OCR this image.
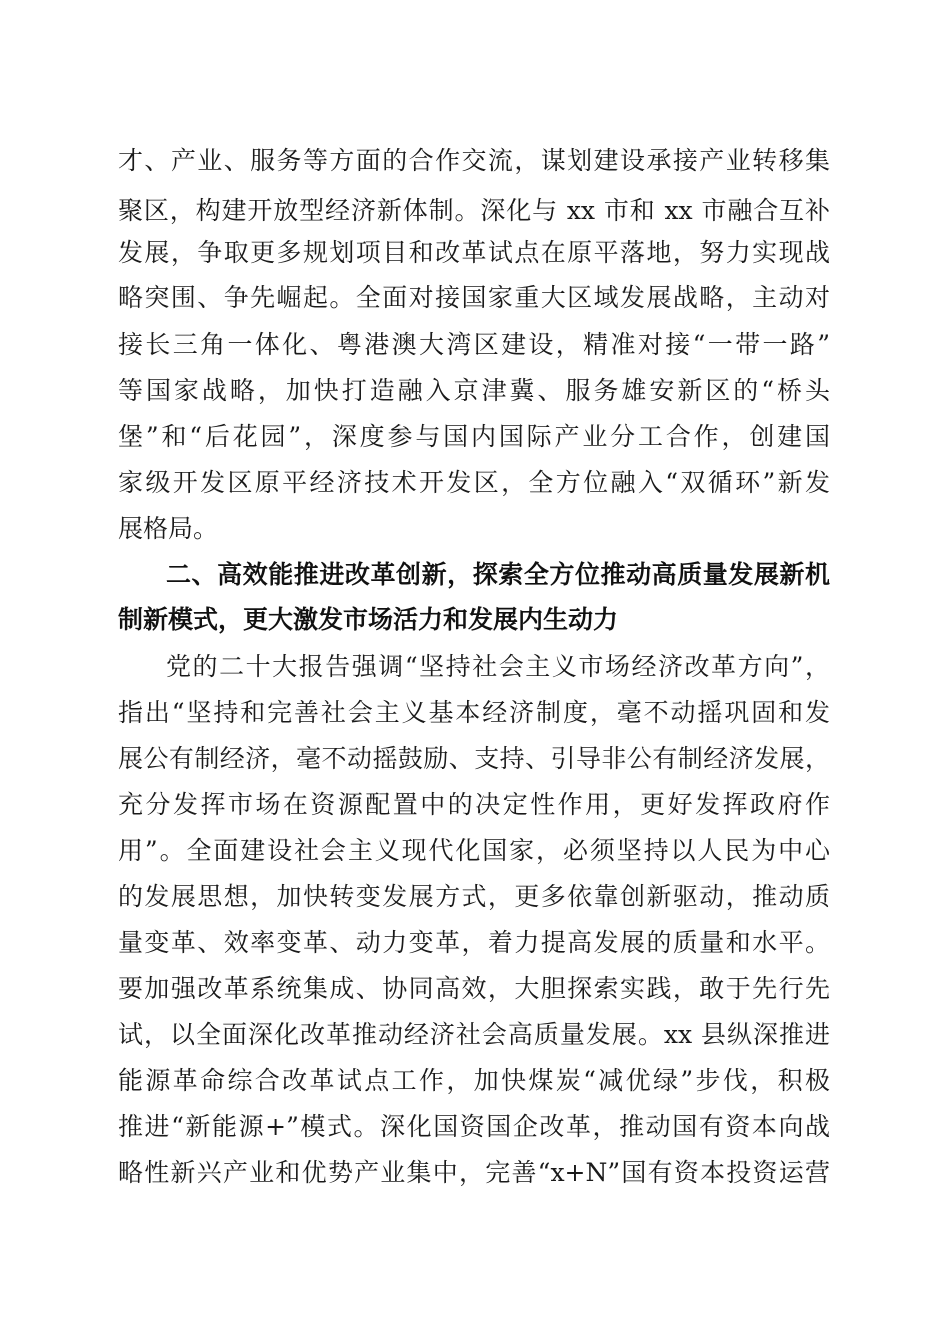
才、产业、服务等方面的合作交流，谋划建设承接产业转移集
聚区，构建开放型经济新体制。深化与 xx 市和 xx 市融合互补
发展，争取更多规划项目和改革试点在原平落地，努力实现战
略突围、争先崛起。全面对接国家重大区域发展战略，主动对
接长三角一体化、粤港澳大湾区建设，精准对接“一带一路”
等国家战略，加快打造融入京津冀、服务雄安新区的“桥头
堡”和“后花园”，深度参与国内国际产业分工合作，创建国
家级开发区原平经济技术开发区，全方位融入“双循环”新发
展格局。
二、高效能推进改革创新，探索全方位推动高质量发展新机
制新模式，更大激发市场活力和发展内生动力
党的二十大报告强调“坚持社会主义市场经济改革方向”，
指出“坚持和完善社会主义基本经济制度，毫不动摇巩固和发
展公有制经济，毫不动摇鼓励、支持、引导非公有制经济发展，
充分发挥市场在资源配置中的决定性作用，更好发挥政府作
用”。全面建设社会主义现代化国家，必须坚持以人民为中心
的发展思想，加快转变发展方式，更多依靠创新驱动，推动质
量变革、效率变革、动力变革，着力提高发展的质量和水平。
要加强改革系统集成、协同高效，大胆探索实践，敢于先行先
试，以全面深化改革推动经济社会高质量发展。xx 县纵深推进
能源革命综合改革试点工作，加快煤炭“减优绿”步伐，积极
推进“新能源+”模式。深化国资国企改革，推动国有资本向战
略性新兴产业和优势产业集中，完善“x+N”国有资本投资运营
